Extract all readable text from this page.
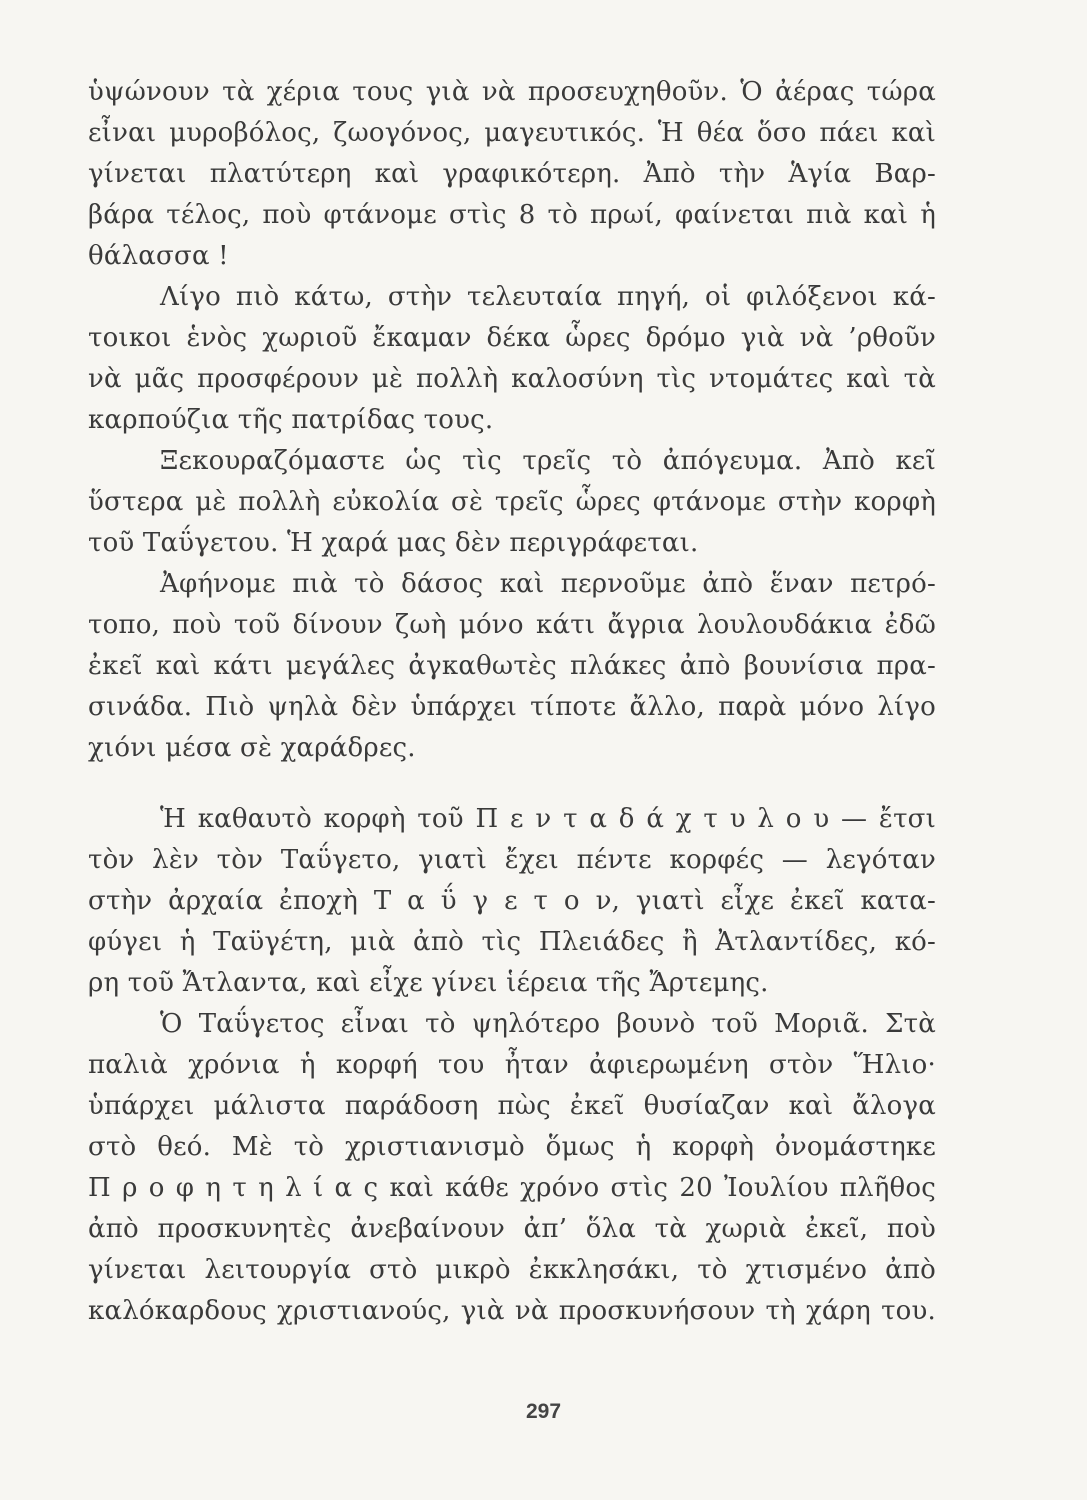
ὑψώνουν τὰ χέρια τους γιὰ νὰ προσευχηθοῦν. Ὁ ἀέρας τώρα
εἶναι μυροβόλος, ζωογόνος, μαγευτικός. Ἡ θέα ὅσο πάει καὶ
γίνεται πλατύτερη καὶ γραφικότερη. Ἀπὸ τὴν Ἁγία Βαρ-
βάρα τέλος, ποὺ φτάνομε στὶς 8 τὸ πρωί, φαίνεται πιὰ καὶ ἡ
θάλασσα !
Λίγο πιὸ κάτω, στὴν τελευταία πηγή, οἱ φιλόξενοι κά-
τοικοι ἑνὸς χωριοῦ ἔκαμαν δέκα ὧρες δρόμο γιὰ νὰ ’ρθοῦν
νὰ μᾶς προσφέρουν μὲ πολλὴ καλοσύνη τὶς ντομάτες καὶ τὰ
καρπούζια τῆς πατρίδας τους.
Ξεκουραζόμαστε ὡς τὶς τρεῖς τὸ ἀπόγευμα. Ἀπὸ κεῖ
ὕστερα μὲ πολλὴ εὐκολία σὲ τρεῖς ὧρες φτάνομε στὴν κορφὴ
τοῦ Ταΰγετου. Ἡ χαρά μας δὲν περιγράφεται.
Ἀφήνομε πιὰ τὸ δάσος καὶ περνοῦμε ἀπὸ ἕναν πετρό-
τοπο, ποὺ τοῦ δίνουν ζωὴ μόνο κάτι ἄγρια λουλουδάκια ἐδῶ
ἐκεῖ καὶ κάτι μεγάλες ἀγκαθωτὲς πλάκες ἀπὸ βουνίσια πρα-
σινάδα. Πιὸ ψηλὰ δὲν ὑπάρχει τίποτε ἄλλο, παρὰ μόνο λίγο
χιόνι μέσα σὲ χαράδρες.
Ἡ καθαυτὸ κορφὴ τοῦ Π ε ν τ α δ ά χ τ υ λ ο υ — ἔτσι
τὸν λὲν τὸν Ταΰγετο, γιατὶ ἔχει πέντε κορφές — λεγόταν
στὴν ἀρχαία ἐποχὴ Τ α ΰ γ ε τ ο ν, γιατὶ εἶχε ἐκεῖ κατα-
φύγει ἡ Ταϋγέτη, μιὰ ἀπὸ τὶς Πλειάδες ἢ Ἀτλαντίδες, κό-
ρη τοῦ Ἄτλαντα, καὶ εἶχε γίνει ἱέρεια τῆς Ἄρτεμης.
Ὁ Ταΰγετος εἶναι τὸ ψηλότερο βουνὸ τοῦ Μοριᾶ. Στὰ
παλιὰ χρόνια ἡ κορφή του ἦταν ἀφιερωμένη στὸν Ἥλιο·
ὑπάρχει μάλιστα παράδοση πὼς ἐκεῖ θυσίαζαν καὶ ἄλογα
στὸ θεό. Μὲ τὸ χριστιανισμὸ ὅμως ἡ κορφὴ ὀνομάστηκε
Π ρ ο φ η τ η λ ί α ς καὶ κάθε χρόνο στὶς 20 Ἰουλίου πλῆθος
ἀπὸ προσκυνητὲς ἀνεβαίνουν ἀπ’ ὅλα τὰ χωριὰ ἐκεῖ, ποὺ
γίνεται λειτουργία στὸ μικρὸ ἐκκλησάκι, τὸ χτισμένο ἀπὸ
καλόκαρδους χριστιανούς, γιὰ νὰ προσκυνήσουν τὴ χάρη του.
297
